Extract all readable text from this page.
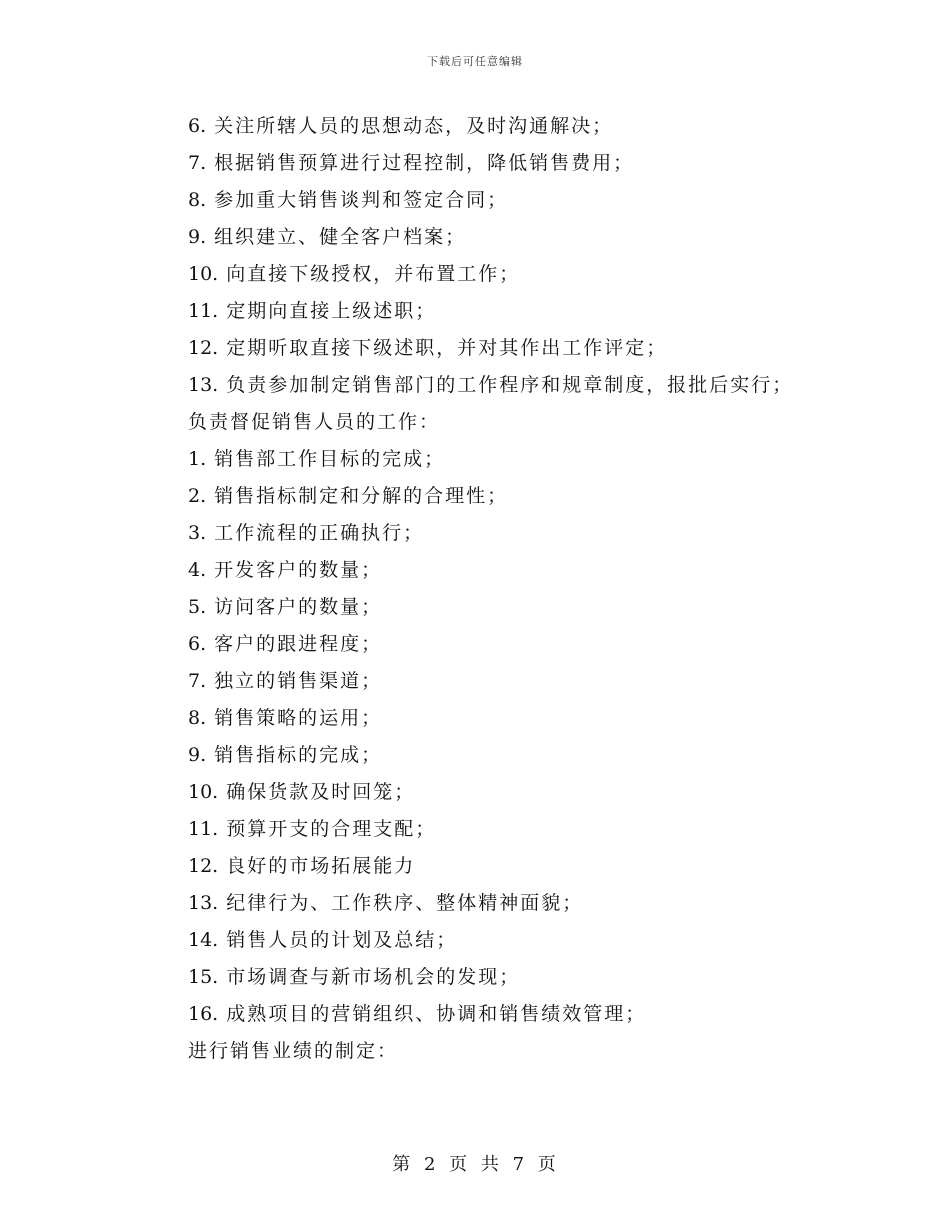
下载后可任意编辑
6. 关注所辖人员的思想动态，及时沟通解决；
7. 根据销售预算进行过程控制，降低销售费用；
8. 参加重大销售谈判和签定合同；
9. 组织建立、健全客户档案；
10. 向直接下级授权，并布置工作；
11. 定期向直接上级述职；
12. 定期听取直接下级述职，并对其作出工作评定；
13. 负责参加制定销售部门的工作程序和规章制度，报批后实行；
负责督促销售人员的工作：
1. 销售部工作目标的完成；
2. 销售指标制定和分解的合理性；
3. 工作流程的正确执行；
4. 开发客户的数量；
5. 访问客户的数量；
6. 客户的跟进程度；
7. 独立的销售渠道；
8. 销售策略的运用；
9. 销售指标的完成；
10. 确保货款及时回笼；
11. 预算开支的合理支配；
12. 良好的市场拓展能力
13. 纪律行为、工作秩序、整体精神面貌；
14. 销售人员的计划及总结；
15. 市场调查与新市场机会的发现；
16. 成熟项目的营销组织、协调和销售绩效管理；
进行销售业绩的制定：
第 2 页 共 7 页
